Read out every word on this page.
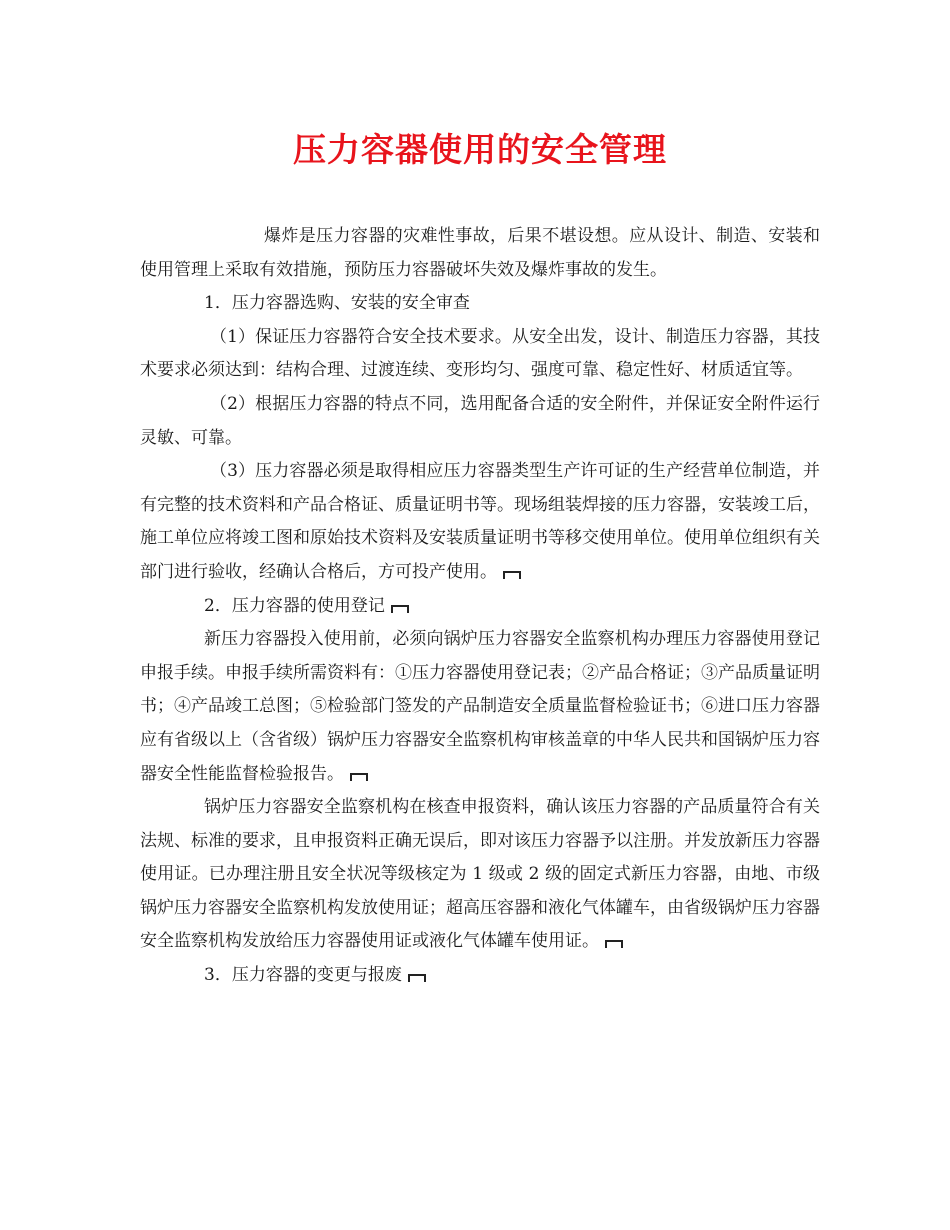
压力容器使用的安全管理

爆炸是压力容器的灾难性事故，后果不堪设想。应从设计、制造、安装和使用管理上采取有效措施，预防压力容器破坏失效及爆炸事故的发生。

1．压力容器选购、安装的安全审查

（1）保证压力容器符合安全技术要求。从安全出发，设计、制造压力容器，其技术要求必须达到：结构合理、过渡连续、变形均匀、强度可靠、稳定性好、材质适宜等。

（2）根据压力容器的特点不同，选用配备合适的安全附件，并保证安全附件运行灵敏、可靠。

（3）压力容器必须是取得相应压力容器类型生产许可证的生产经营单位制造，并有完整的技术资料和产品合格证、质量证明书等。现场组装焊接的压力容器，安装竣工后，施工单位应将竣工图和原始技术资料及安装质量证明书等移交使用单位。使用单位组织有关部门进行验收，经确认合格后，方可投产使用。

2．压力容器的使用登记

新压力容器投入使用前，必须向锅炉压力容器安全监察机构办理压力容器使用登记申报手续。申报手续所需资料有：①压力容器使用登记表；②产品合格证；③产品质量证明书；④产品竣工总图；⑤检验部门签发的产品制造安全质量监督检验证书；⑥进口压力容器应有省级以上（含省级）锅炉压力容器安全监察机构审核盖章的中华人民共和国锅炉压力容器安全性能监督检验报告。

锅炉压力容器安全监察机构在核查申报资料，确认该压力容器的产品质量符合有关法规、标准的要求，且申报资料正确无误后，即对该压力容器予以注册。并发放新压力容器使用证。已办理注册且安全状况等级核定为 1 级或 2 级的固定式新压力容器，由地、市级锅炉压力容器安全监察机构发放使用证；超高压容器和液化气体罐车，由省级锅炉压力容器安全监察机构发放给压力容器使用证或液化气体罐车使用证。

3．压力容器的变更与报废
